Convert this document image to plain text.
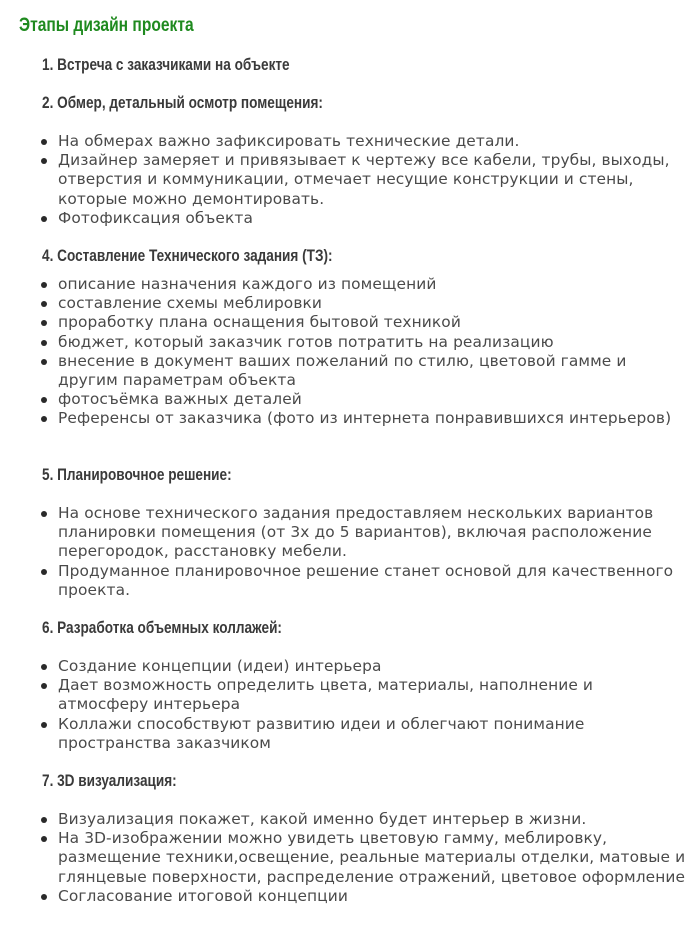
Этапы дизайн проекта
1. Встреча с заказчиками на объекте
2. Обмер, детальный осмотр помещения:
На обмерах важно зафиксировать технические детали.
Дизайнер замеряет и привязывает к чертежу все кабели, трубы, выходы, отверстия и коммуникации, отмечает несущие конструкции и стены, которые можно демонтировать.
Фотофиксация объекта
4. Составление Технического задания (ТЗ):
описание назначения каждого из помещений
составление схемы меблировки
проработку плана оснащения бытовой техникой
бюджет, который заказчик готов потратить на реализацию
внесение в документ ваших пожеланий по стилю, цветовой гамме и другим параметрам объекта
фотосъёмка важных деталей
Референсы от заказчика (фото из интернета понравившихся интерьеров)
5. Планировочное решение:
На основе технического задания предоставляем нескольких вариантов планировки помещения (от 3х до 5 вариантов), включая расположение перегородок, расстановку мебели.
Продуманное планировочное решение станет основой для качественного проекта.
6. Разработка объемных коллажей:
Создание концепции (идеи) интерьера
Дает возможность определить цвета, материалы, наполнение и атмосферу интерьера
Коллажи способствуют развитию идеи и облегчают понимание пространства заказчиком
7. 3D визуализация:
Визуализация покажет, какой именно будет интерьер в жизни.
На 3D-изображении можно увидеть цветовую гамму, меблировку, размещение техники,освещение, реальные материалы отделки, матовые и глянцевые поверхности, распределение отражений, цветовое оформление
Согласование итоговой концепции
